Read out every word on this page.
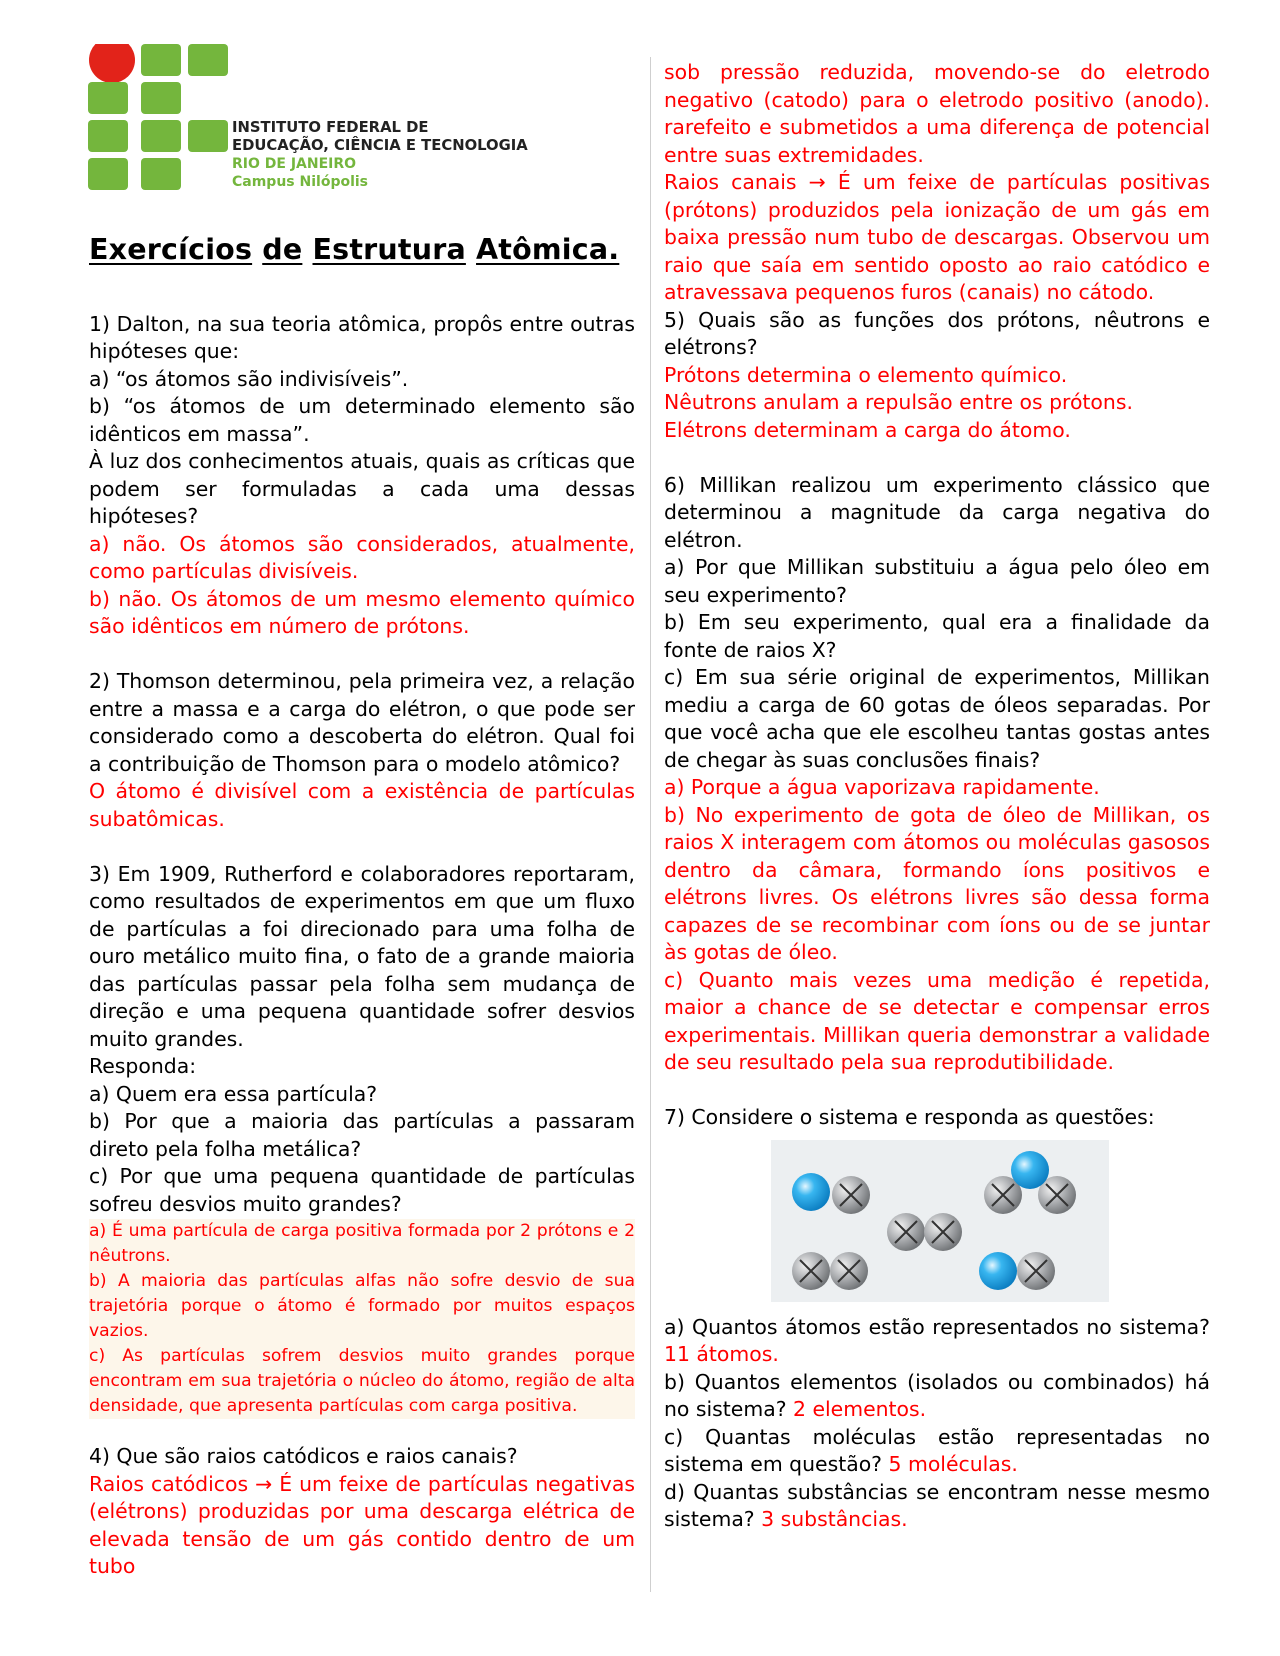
INSTITUTO FEDERAL DE
EDUCAÇÃO, CIÊNCIA E TECNOLOGIA
RIO DE JANEIRO
Campus Nilópolis

Exercícios de Estrutura Atômica.

1) Dalton, na sua teoria atômica, propôs entre outras hipóteses que:

a) “os átomos são indivisíveis”.

b) “os átomos de um determinado elemento são idênticos em massa”.

À luz dos conhecimentos atuais, quais as críticas que podem ser formuladas a cada uma dessas hipóteses?

a) não. Os átomos são considerados, atualmente, como partículas divisíveis.

b) não. Os átomos de um mesmo elemento químico são idênticos em número de prótons.

2) Thomson determinou, pela primeira vez, a relação entre a massa e a carga do elétron, o que pode ser considerado como a descoberta do elétron. Qual foi a contribuição de Thomson para o modelo atômico?

O átomo é divisível com a existência de partículas subatômicas.

3) Em 1909, Rutherford e colaboradores reportaram, como resultados de experimentos em que um fluxo de partículas a foi direcionado para uma folha de ouro metálico muito fina, o fato de a grande maioria das partículas passar pela folha sem mudança de direção e uma pequena quantidade sofrer desvios muito grandes.

Responda:

a) Quem era essa partícula?

b) Por que a maioria das partículas a passaram direto pela folha metálica?

c) Por que uma pequena quantidade de partículas sofreu desvios muito grandes?

a) É uma partícula de carga positiva formada por 2 prótons e 2 nêutrons.

b) A maioria das partículas alfas não sofre desvio de sua trajetória porque o átomo é formado por muitos espaços vazios.

c) As partículas sofrem desvios muito grandes porque encontram em sua trajetória o núcleo do átomo, região de alta densidade, que apresenta partículas com carga positiva.

4) Que são raios catódicos e raios canais?

Raios catódicos → É um feixe de partículas negativas (elétrons) produzidas por uma descarga elétrica de elevada tensão de um gás contido dentro de um tubo

sob pressão reduzida, movendo-se do eletrodo negativo (catodo) para o eletrodo positivo (anodo). rarefeito e submetidos a uma diferença de potencial entre suas extremidades.

Raios canais → É um feixe de partículas positivas (prótons) produzidos pela ionização de um gás em baixa pressão num tubo de descargas. Observou um raio que saía em sentido oposto ao raio catódico e atravessava pequenos furos (canais) no cátodo.

5) Quais são as funções dos prótons, nêutrons e elétrons?

Prótons determina o elemento químico.

Nêutrons anulam a repulsão entre os prótons.

Elétrons determinam a carga do átomo.

6) Millikan realizou um experimento clássico que determinou a magnitude da carga negativa do elétron.

a) Por que Millikan substituiu a água pelo óleo em seu experimento?

b) Em seu experimento, qual era a finalidade da fonte de raios X?

c) Em sua série original de experimentos, Millikan mediu a carga de 60 gotas de óleos separadas. Por que você acha que ele escolheu tantas gostas antes de chegar às suas conclusões finais?

a) Porque a água vaporizava rapidamente.

b) No experimento de gota de óleo de Millikan, os raios X interagem com átomos ou moléculas gasosos dentro da câmara, formando íons positivos e elétrons livres. Os elétrons livres são dessa forma capazes de se recombinar com íons ou de se juntar às gotas de óleo.

c) Quanto mais vezes uma medição é repetida, maior a chance de se detectar e compensar erros experimentais. Millikan queria demonstrar a validade de seu resultado pela sua reprodutibilidade.

7) Considere o sistema e responda as questões:

a) Quantos átomos estão representados no sistema? 11 átomos.

b) Quantos elementos (isolados ou combinados) há no sistema? 2 elementos.

c) Quantas moléculas estão representadas no sistema em questão? 5 moléculas.

d) Quantas substâncias se encontram nesse mesmo sistema? 3 substâncias.
